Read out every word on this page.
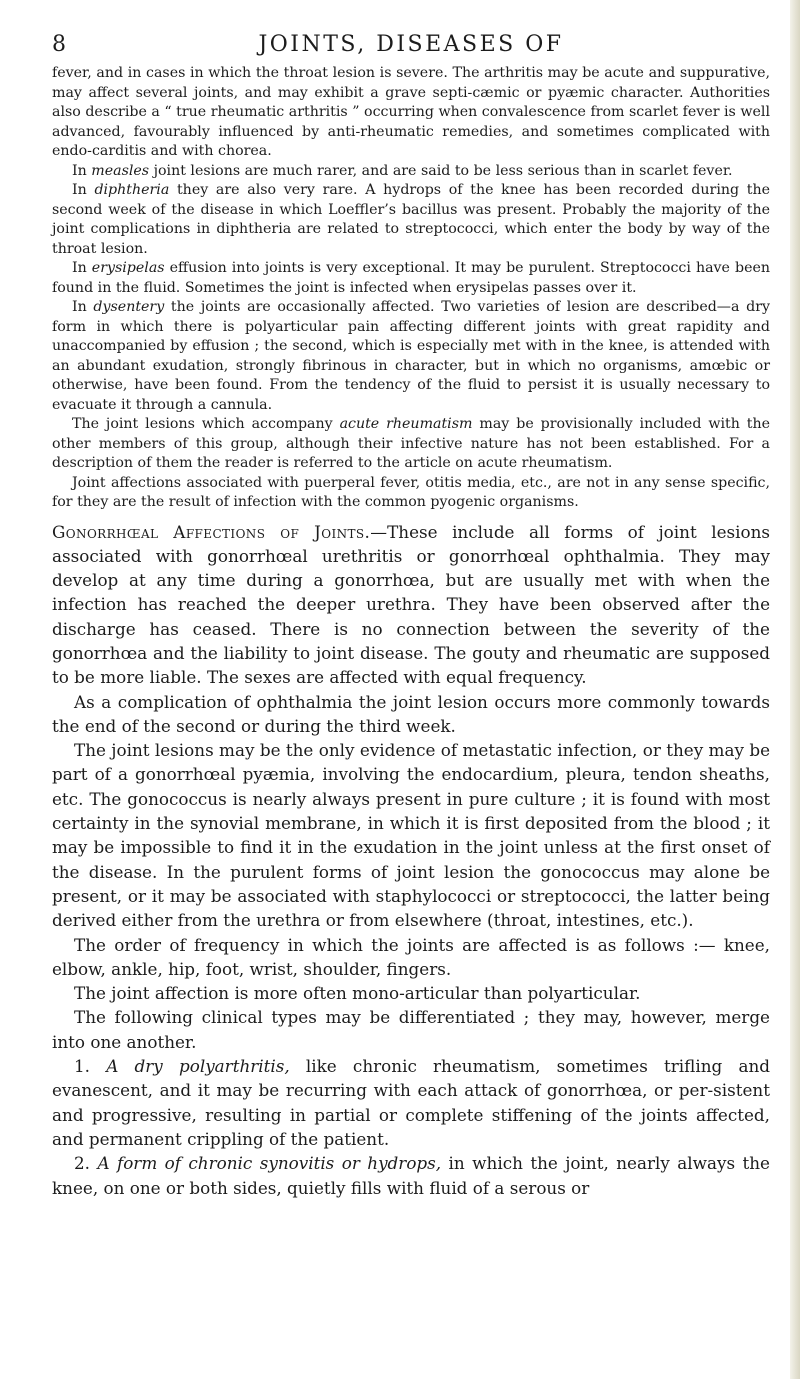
8	JOINTS, DISEASES OF

fever, and in cases in which the throat lesion is severe. The arthritis may be acute and suppurative, may affect several joints, and may exhibit a grave septi-cæmic or pyæmic character. Authorities also describe a “ true rheumatic arthritis ” occurring when convalescence from scarlet fever is well advanced, favourably influenced by anti-rheumatic remedies, and sometimes complicated with endo-carditis and with chorea.

In measles joint lesions are much rarer, and are said to be less serious than in scarlet fever.

In diphtheria they are also very rare. A hydrops of the knee has been recorded during the second week of the disease in which Loeffler’s bacillus was present. Probably the majority of the joint complications in diphtheria are related to streptococci, which enter the body by way of the throat lesion.

In erysipelas effusion into joints is very exceptional. It may be purulent. Streptococci have been found in the fluid. Sometimes the joint is infected when erysipelas passes over it.

In dysentery the joints are occasionally affected. Two varieties of lesion are described—a dry form in which there is polyarticular pain affecting different joints with great rapidity and unaccompanied by effusion ; the second, which is especially met with in the knee, is attended with an abundant exudation, strongly fibrinous in character, but in which no organisms, amœbic or otherwise, have been found. From the tendency of the fluid to persist it is usually necessary to evacuate it through a cannula.

The joint lesions which accompany acute rheumatism may be provisionally included with the other members of this group, although their infective nature has not been established. For a description of them the reader is referred to the article on acute rheumatism.

Joint affections associated with puerperal fever, otitis media, etc., are not in any sense specific, for they are the result of infection with the common pyogenic organisms.

Gonorrhœal Affections of Joints.—These include all forms of joint lesions associated with gonorrhœal urethritis or gonorrhœal ophthalmia. They may develop at any time during a gonorrhœa, but are usually met with when the infection has reached the deeper urethra. They have been observed after the discharge has ceased. There is no connection between the severity of the gonorrhœa and the liability to joint disease. The gouty and rheumatic are supposed to be more liable. The sexes are affected with equal frequency.

As a complication of ophthalmia the joint lesion occurs more commonly towards the end of the second or during the third week.

The joint lesions may be the only evidence of metastatic infection, or they may be part of a gonorrhœal pyæmia, involving the endocardium, pleura, tendon sheaths, etc. The gonococcus is nearly always present in pure culture ; it is found with most certainty in the synovial membrane, in which it is first deposited from the blood ; it may be impossible to find it in the exudation in the joint unless at the first onset of the disease. In the purulent forms of joint lesion the gonococcus may alone be present, or it may be associated with staphylococci or streptococci, the latter being derived either from the urethra or from elsewhere (throat, intestines, etc.).

The order of frequency in which the joints are affected is as follows :— knee, elbow, ankle, hip, foot, wrist, shoulder, fingers.

The joint affection is more often mono-articular than polyarticular.

The following clinical types may be differentiated ; they may, however, merge into one another.

1. A dry polyarthritis, like chronic rheumatism, sometimes trifling and evanescent, and it may be recurring with each attack of gonorrhœa, or per-sistent and progressive, resulting in partial or complete stiffening of the joints affected, and permanent crippling of the patient.

2. A form of chronic synovitis or hydrops, in which the joint, nearly always the knee, on one or both sides, quietly fills with fluid of a serous or
